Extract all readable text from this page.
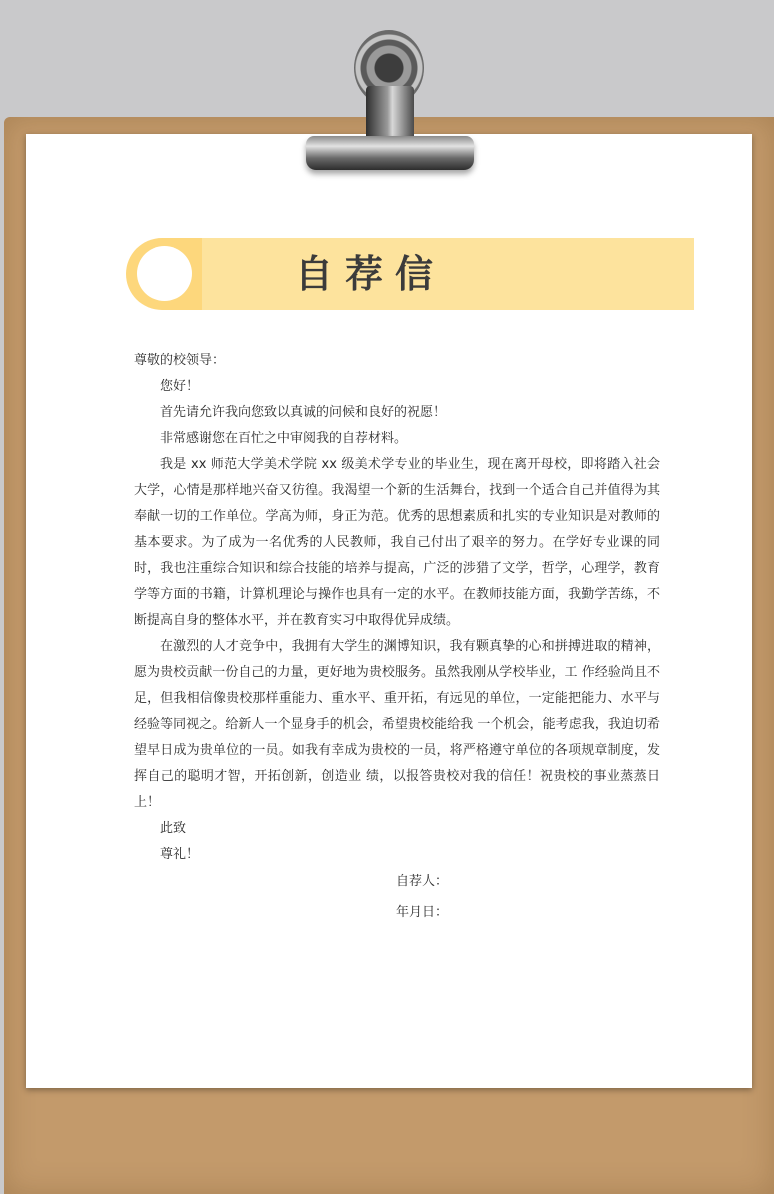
自荐信

尊敬的校领导：

您好！

首先请允许我向您致以真诚的问候和良好的祝愿！

非常感谢您在百忙之中审阅我的自荐材料。

我是 xx 师范大学美术学院 xx 级美术学专业的毕业生，现在离开母校，即将踏入社会大学，心情是那样地兴奋又彷徨。我渴望一个新的生活舞台，找到一个适合自己并值得为其奉献一切的工作单位。学高为师，身正为范。优秀的思想素质和扎实的专业知识是对教师的基本要求。为了成为一名优秀的人民教师，我自己付出了艰辛的努力。在学好专业课的同时，我也注重综合知识和综合技能的培养与提高，广泛的涉猎了文学，哲学，心理学，教育学等方面的书籍，计算机理论与操作也具有一定的水平。在教师技能方面，我勤学苦练，不断提高自身的整体水平，并在教育实习中取得优异成绩。

在激烈的人才竞争中，我拥有大学生的渊博知识，我有颗真挚的心和拼搏进取的精神，愿为贵校贡献一份自己的力量，更好地为贵校服务。虽然我刚从学校毕业，工 作经验尚且不足，但我相信像贵校那样重能力、重水平、重开拓，有远见的单位，一定能把能力、水平与经验等同视之。给新人一个显身手的机会，希望贵校能给我 一个机会，能考虑我，我迫切希望早日成为贵单位的一员。如我有幸成为贵校的一员，将严格遵守单位的各项规章制度，发挥自己的聪明才智，开拓创新，创造业 绩，以报答贵校对我的信任！祝贵校的事业蒸蒸日上！

此致

尊礼！

自荐人：

年月日：
